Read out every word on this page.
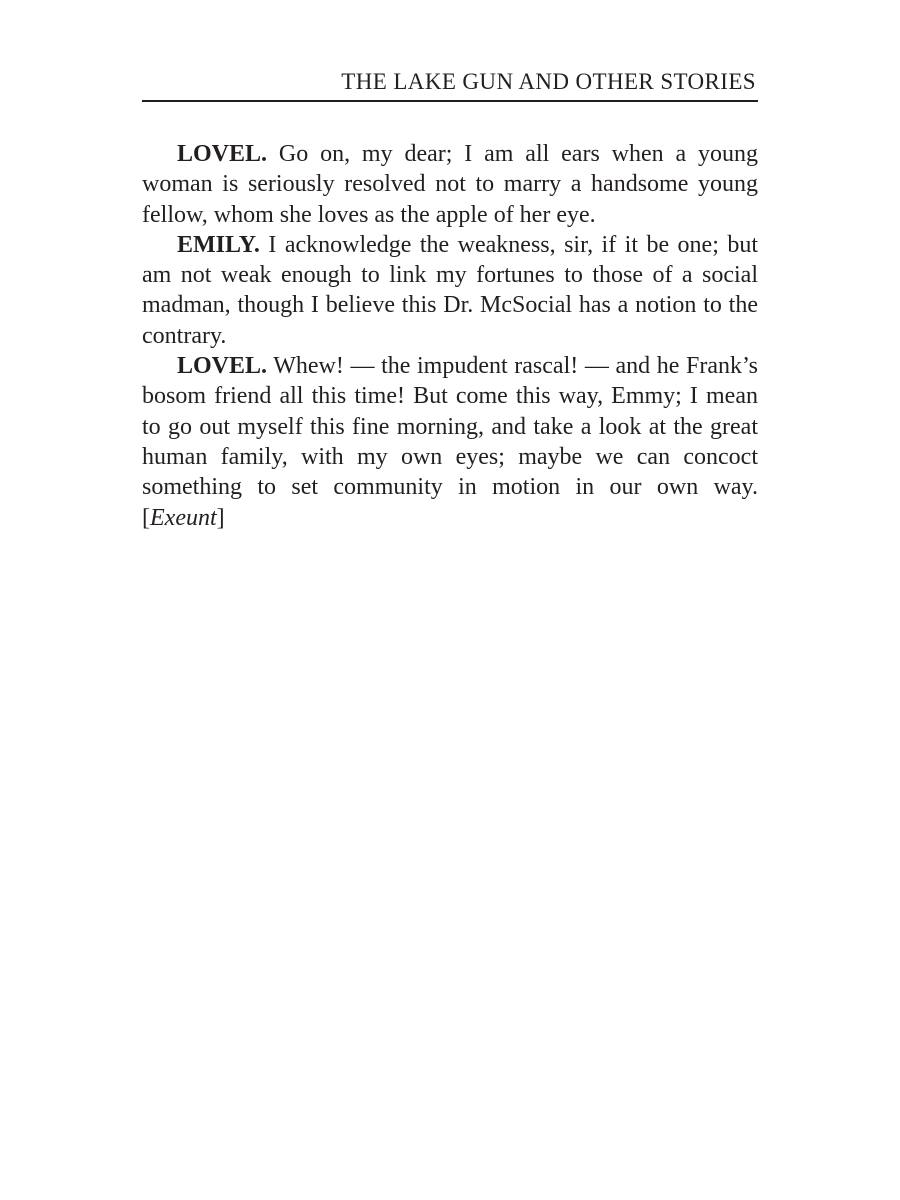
THE LAKE GUN AND OTHER STORIES

LOVEL. Go on, my dear; I am all ears when a young woman is seriously resolved not to marry a handsome young fellow, whom she loves as the apple of her eye.

EMILY. I acknowledge the weakness, sir, if it be one; but am not weak enough to link my fortunes to those of a social madman, though I believe this Dr. McSocial has a notion to the contrary.

LOVEL. Whew! — the impudent rascal! — and he Frank’s bosom friend all this time! But come this way, Emmy; I mean to go out myself this fine morning, and take a look at the great human family, with my own eyes; maybe we can concoct something to set community in motion in our own way. [Exeunt]
